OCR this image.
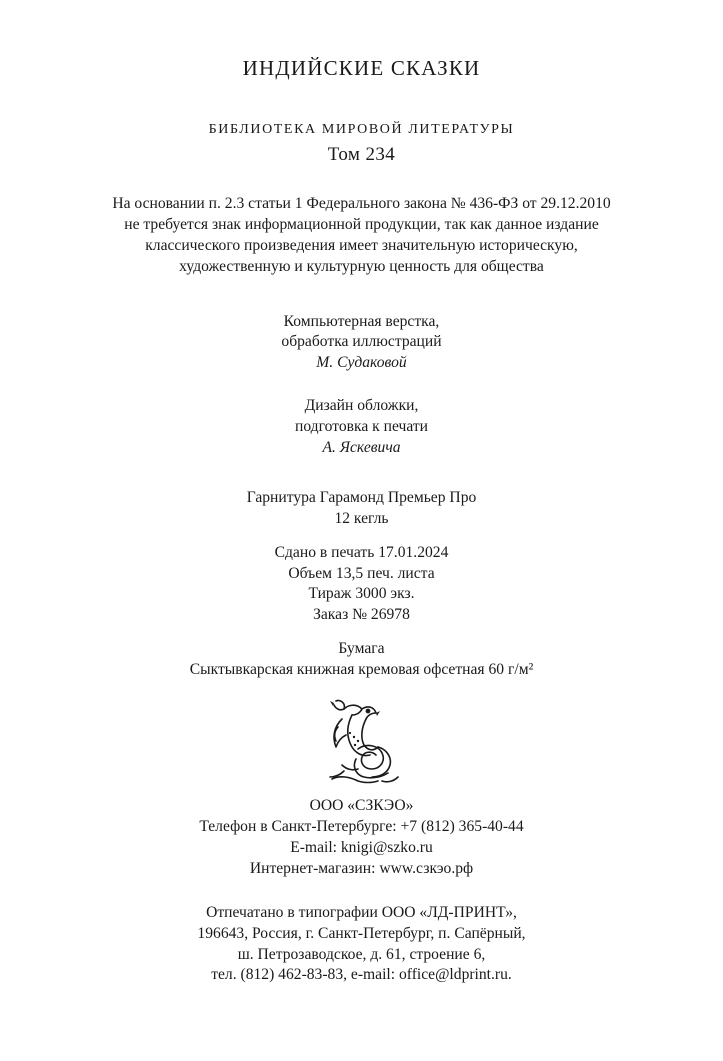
ИНДИЙСКИЕ СКАЗКИ
БИБЛИОТЕКА МИРОВОЙ ЛИТЕРАТУРЫ
Том 234
На основании п. 2.3 статьи 1 Федерального закона № 436-ФЗ от 29.12.2010
не требуется знак информационной продукции, так как данное издание
классического произведения имеет значительную историческую,
художественную и культурную ценность для общества
Компьютерная верстка,
обработка иллюстраций
М. Судаковой
Дизайн обложки,
подготовка к печати
А. Яскевича
Гарнитура Гарамонд Премьер Про
12 кегль
Сдано в печать 17.01.2024
Объем 13,5 печ. листа
Тираж 3000 экз.
Заказ № 26978
Бумага
Сыктывкарская книжная кремовая офсетная 60 г/м²
ООО «СЗКЭО»
Телефон в Санкт-Петербурге: +7 (812) 365-40-44
E-mail: knigi@szko.ru
Интернет-магазин: www.сзкэо.рф
Отпечатано в типографии ООО «ЛД-ПРИНТ»,
196643, Россия, г. Санкт-Петербург, п. Сапёрный,
ш. Петрозаводское, д. 61, строение 6,
тел. (812) 462-83-83, e-mail: office@ldprint.ru.
